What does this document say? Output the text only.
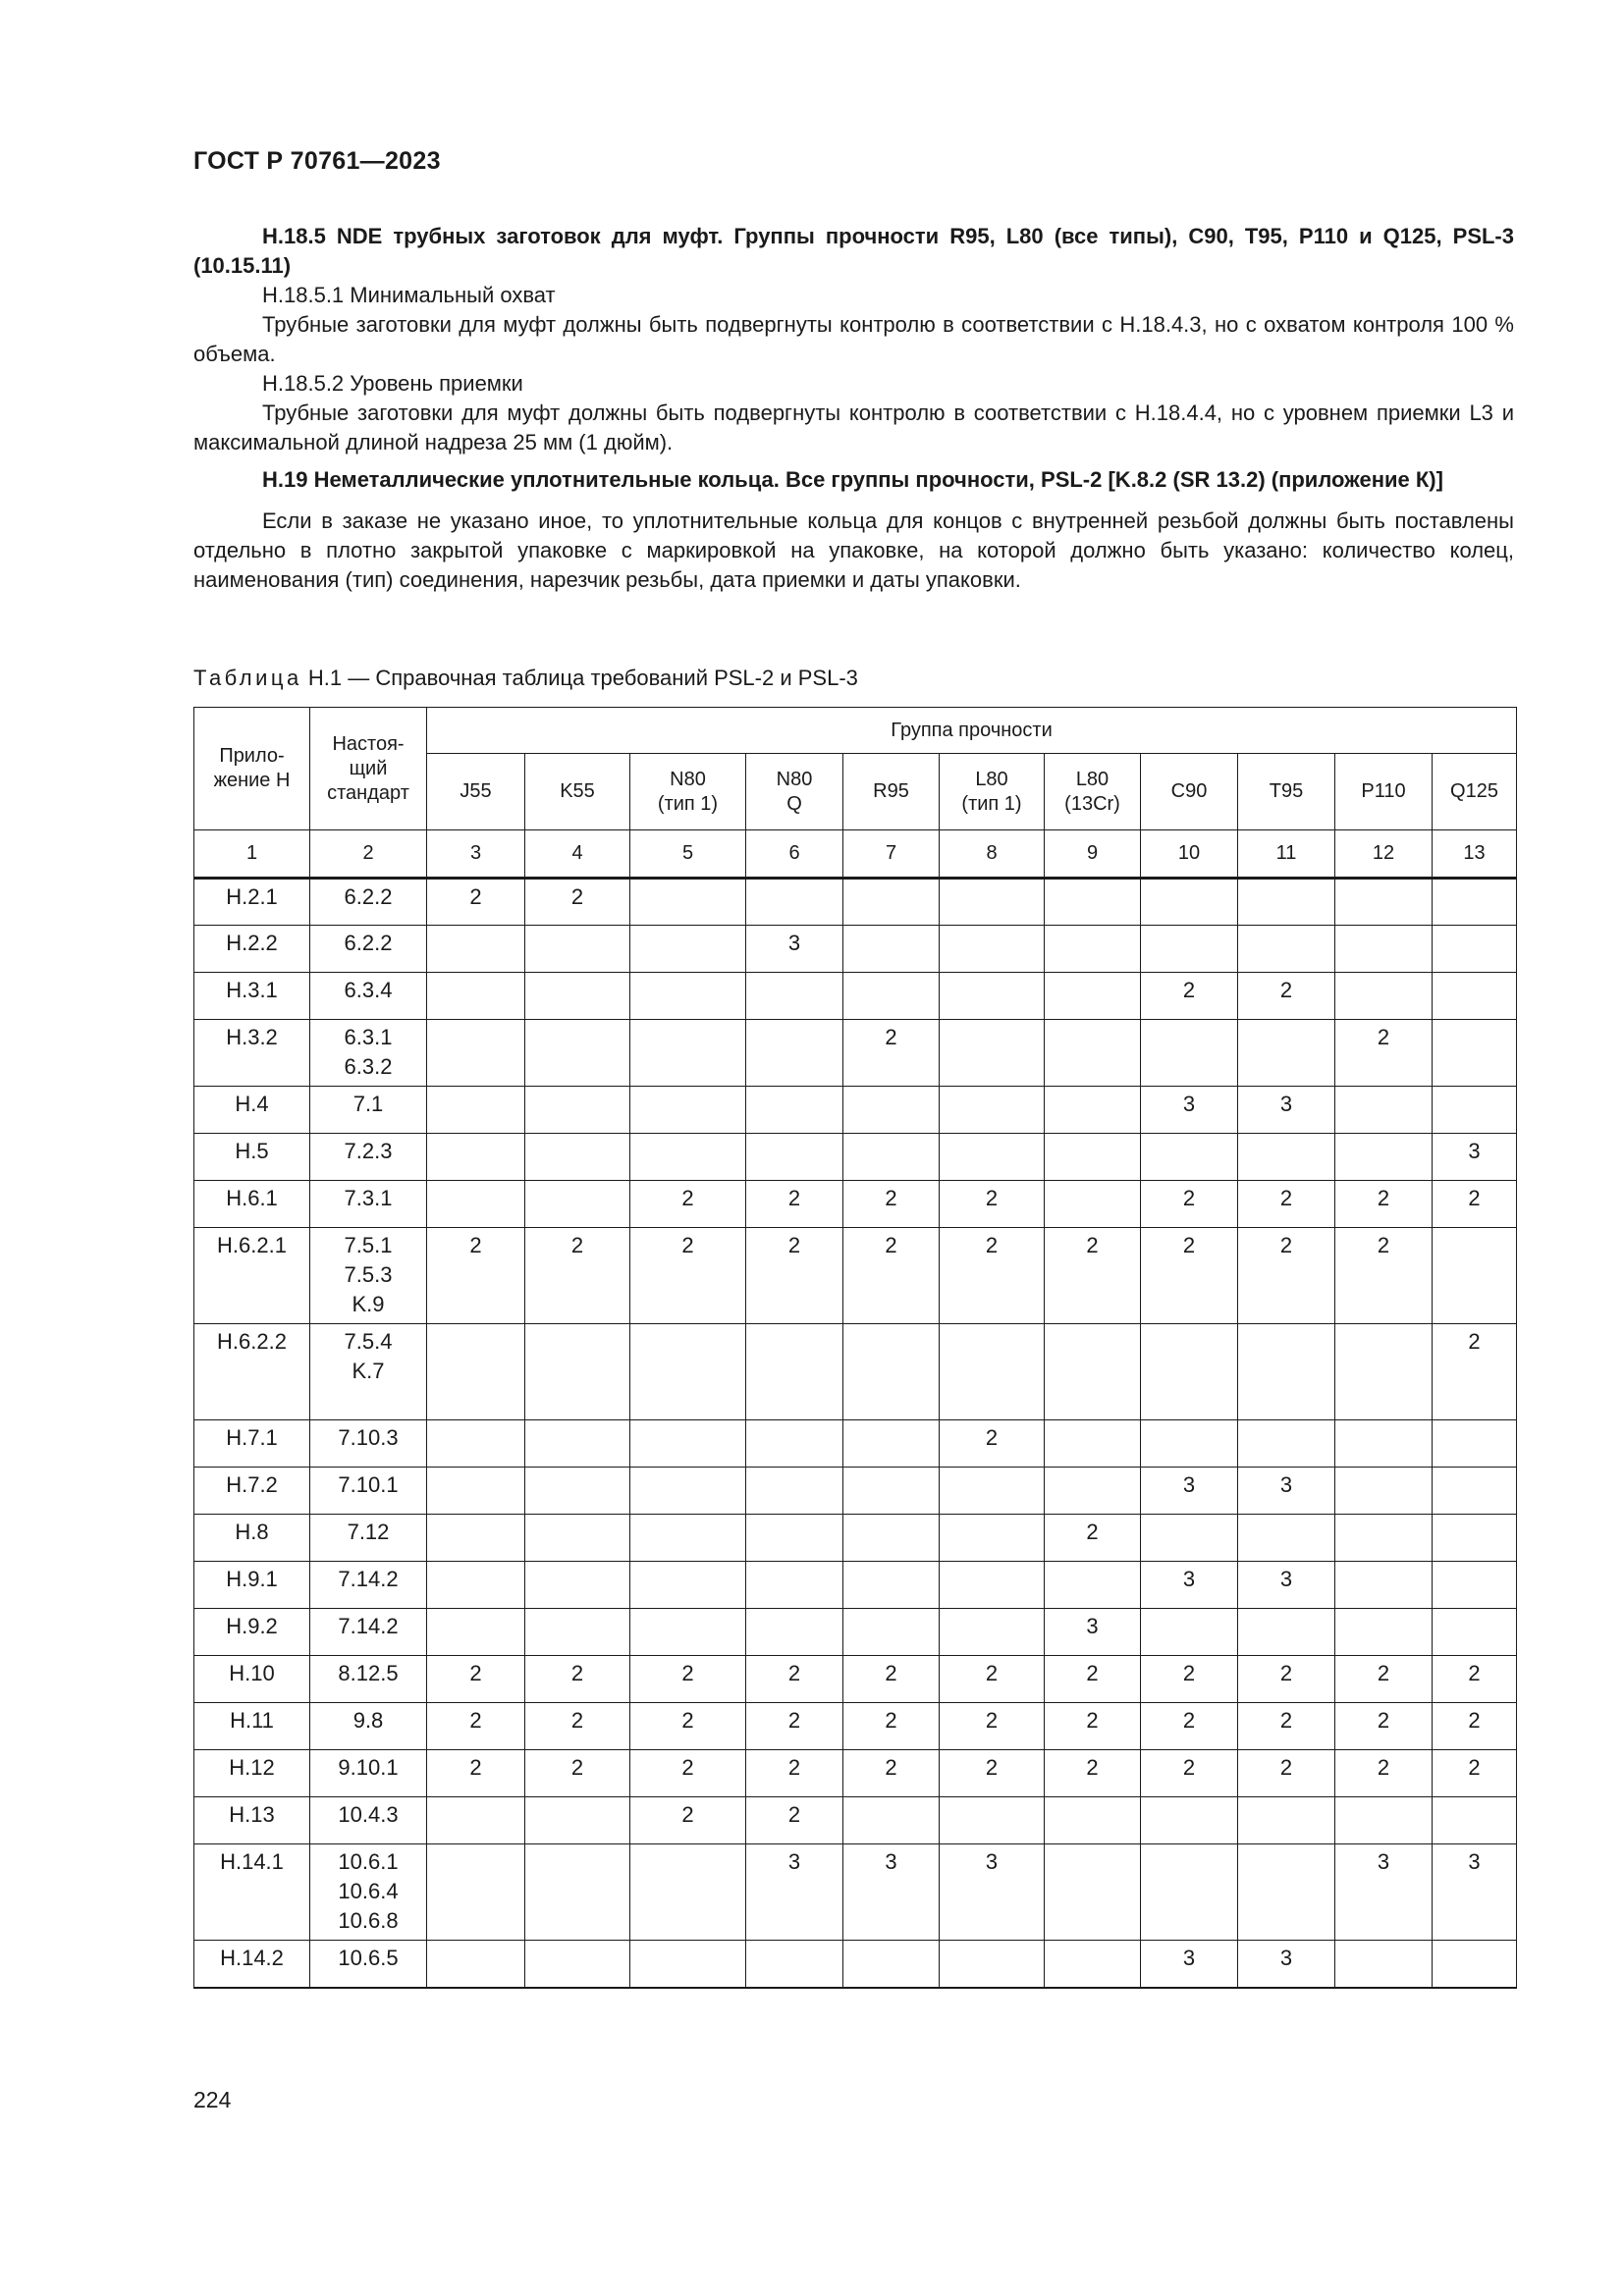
ГОСТ Р 70761—2023

Н.18.5 NDE трубных заготовок для муфт. Группы прочности R95, L80 (все типы), C90, T95, P110 и Q125, PSL-3 (10.15.11)

Н.18.5.1 Минимальный охват

Трубные заготовки для муфт должны быть подвергнуты контролю в соответствии с Н.18.4.3, но с охватом контроля 100 % объема.

Н.18.5.2 Уровень приемки

Трубные заготовки для муфт должны быть подвергнуты контролю в соответствии с Н.18.4.4, но с уровнем приемки L3 и максимальной длиной надреза 25 мм (1 дюйм).

Н.19 Неметаллические уплотнительные кольца. Все группы прочности, PSL-2 [K.8.2 (SR 13.2) (приложение К)]

Если в заказе не указано иное, то уплотнительные кольца для концов с внутренней резьбой должны быть поставлены отдельно в плотно закрытой упаковке с маркировкой на упаковке, на которой должно быть указано: количество колец, наименования (тип) соединения, нарезчик резьбы, дата приемки и даты упаковки.

Таблица Н.1 — Справочная таблица требований PSL-2 и PSL-3
Прило-
жение Н	Настоя-
щий
стандарт	Группа прочности										
		J55	K55	N80
(тип 1)	N80
Q	R95	L80
(тип 1)	L80
(13Cr)	C90	T95	P110	Q125
1	2	3	4	5	6	7	8	9	10	11	12	13
Н.2.1	6.2.2	2	2									
Н.2.2	6.2.2				3							
Н.3.1	6.3.4								2	2		
Н.3.2	6.3.1
6.3.2					2					2	
Н.4	7.1								3	3		
Н.5	7.2.3											3
Н.6.1	7.3.1			2	2	2	2		2	2	2	2
Н.6.2.1	7.5.1
7.5.3
K.9	2	2	2	2	2	2	2	2	2	2	
Н.6.2.2	7.5.4
K.7											2
Н.7.1	7.10.3						2					
Н.7.2	7.10.1								3	3		
Н.8	7.12							2				
Н.9.1	7.14.2								3	3		
Н.9.2	7.14.2							3				
Н.10	8.12.5	2	2	2	2	2	2	2	2	2	2	2
Н.11	9.8	2	2	2	2	2	2	2	2	2	2	2
Н.12	9.10.1	2	2	2	2	2	2	2	2	2	2	2
Н.13	10.4.3			2	2							
Н.14.1	10.6.1
10.6.4
10.6.8				3	3	3				3	3
Н.14.2	10.6.5								3	3		
224
